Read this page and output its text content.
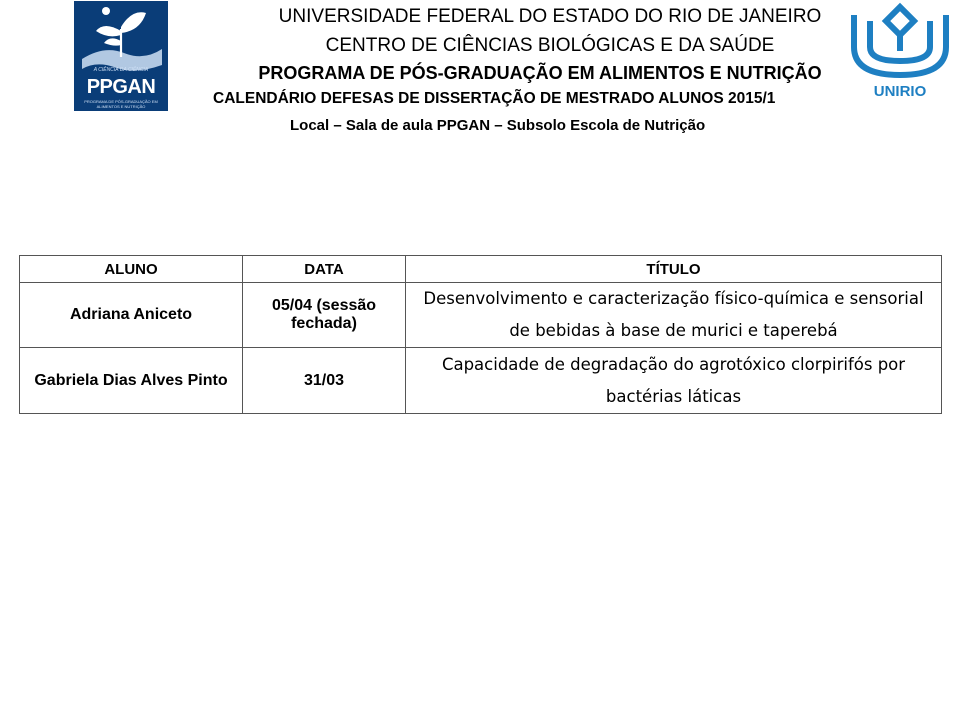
A CIÊNCIA DA CIÊNCIA
PPGAN
PROGRAMA DE PÓS-GRADUAÇÃO EM ALIMENTOS E NUTRIÇÃO
UNIRIO
UNIVERSIDADE FEDERAL DO ESTADO DO RIO DE JANEIRO
CENTRO DE CIÊNCIAS BIOLÓGICAS E DA SAÚDE
PROGRAMA DE PÓS-GRADUAÇÃO EM ALIMENTOS E NUTRIÇÃO
CALENDÁRIO DEFESAS DE DISSERTAÇÃO DE MESTRADO ALUNOS 2015/1
Local – Sala de aula PPGAN – Subsolo Escola de Nutrição
ALUNO	DATA	TÍTULO
Adriana Aniceto	05/04 (sessão fechada)	Desenvolvimento e caracterização físico-química e sensorial de bebidas à base de murici e taperebá
Gabriela Dias Alves Pinto	31/03	Capacidade de degradação do agrotóxico clorpirifós por bactérias láticas
